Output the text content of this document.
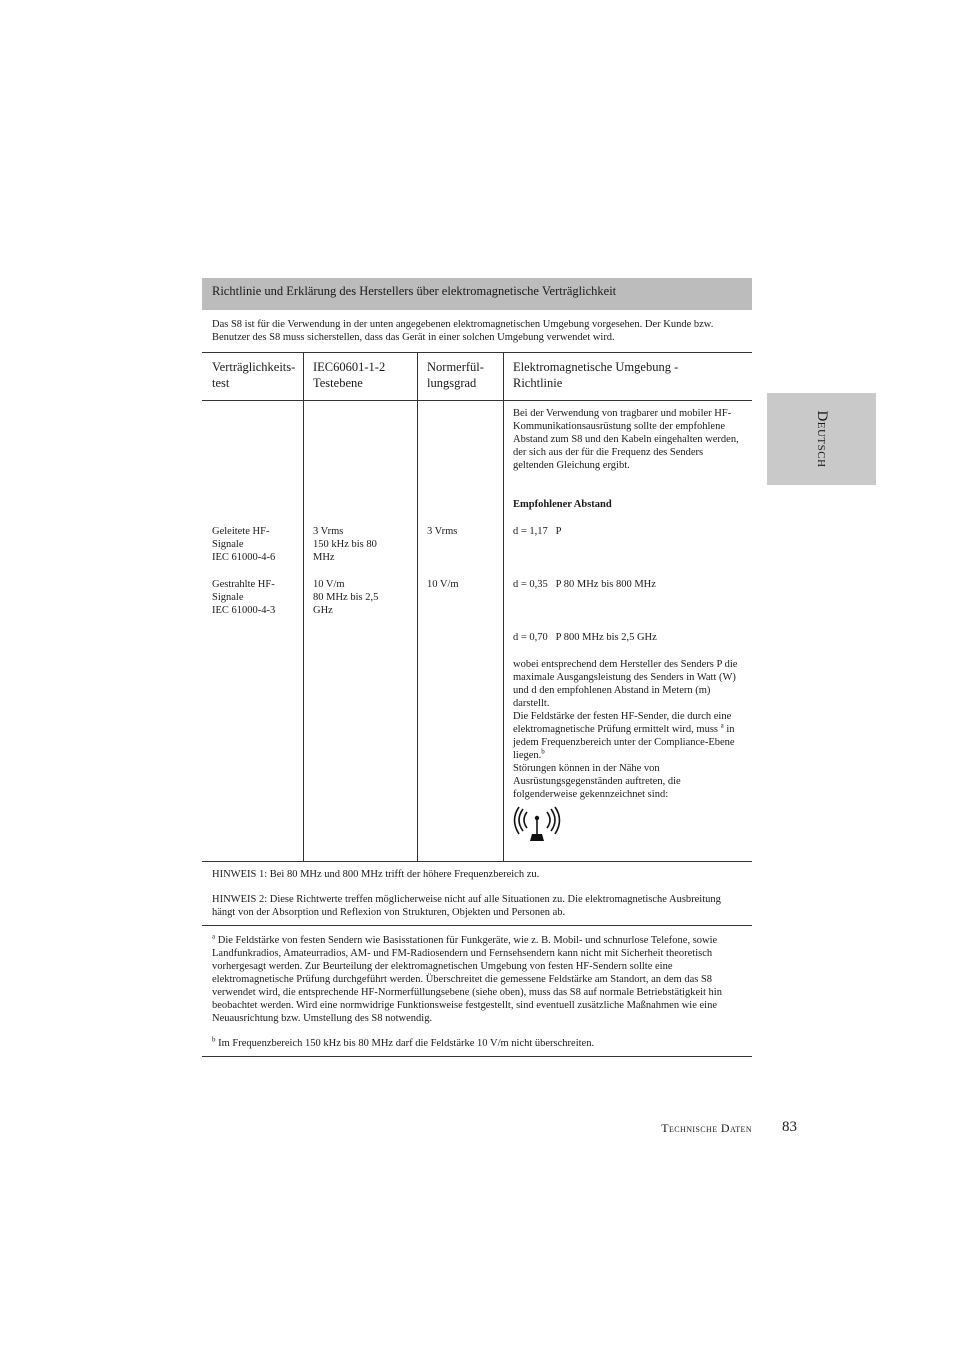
Richtlinie und Erklärung des Herstellers über elektromagnetische Verträglichkeit
Das S8 ist für die Verwendung in der unten angegebenen elektromagnetischen Umgebung vorgesehen. Der Kunde bzw. Benutzer des S8 muss sicherstellen, dass das Gerät in einer solchen Umgebung verwendet wird.
Verträglichkeits-
test
IEC60601-1-2
Testebene
Normerfül-
lungsgrad
Elektromagnetische Umgebung -
Richtlinie
Bei der Verwendung von tragbarer und mobiler HF-Kommunikationsausrüstung sollte der empfohlene Abstand zum S8 und den Kabeln eingehalten werden, der sich aus der für die Frequenz des Senders geltenden Gleichung ergibt.
Empfohlener Abstand
Geleitete HF-
Signale
IEC 61000-4-6
3 Vrms
150 kHz bis 80
MHz
3 Vrms	d = 1,17   P
Gestrahlte HF-
Signale
IEC 61000-4-3
10 V/m
80 MHz bis 2,5
GHz
10 V/m	d = 0,35   P 80 MHz bis 800 MHz
d = 0,70   P 800 MHz bis 2,5 GHz
wobei entsprechend dem Hersteller des Senders P die maximale Ausgangsleistung des Senders in Watt (W) und d den empfohlenen Abstand in Metern (m) darstellt.
Die Feldstärke der festen HF-Sender, die durch eine elektromagnetische Prüfung ermittelt wird, muss $^a$ in jedem Frequenzbereich unter der Compliance-Ebene liegen.$^b$
Störungen können in der Nähe von Ausrüstungsgegenständen auftreten, die folgenderweise gekennzeichnet sind:

HINWEIS 1: Bei 80 MHz und 800 MHz trifft der höhere Frequenzbereich zu.

HINWEIS 2: Diese Richtwerte treffen möglicherweise nicht auf alle Situationen zu. Die elektromagnetische Ausbreitung hängt von der Absorption und Reflexion von Strukturen, Objekten und Personen ab.

$^a$ Die Feldstärke von festen Sendern wie Basisstationen für Funkgeräte, wie z. B. Mobil- und schnurlose Telefone, sowie Landfunkradios, Amateurradios, AM- und FM-Radiosendern und Fernsehsendern kann nicht mit Sicherheit theoretisch vorhergesagt werden. Zur Beurteilung der elektromagnetischen Umgebung von festen HF-Sendern sollte eine elektromagnetische Prüfung durchgeführt werden. Überschreitet die gemessene Feldstärke am Standort, an dem das S8 verwendet wird, die entsprechende HF-Normerfüllungsebene (siehe oben), muss das S8 auf normale Betriebstätigkeit hin beobachtet werden. Wird eine normwidrige Funktionsweise festgestellt, sind eventuell zusätzliche Maßnahmen wie eine Neuausrichtung bzw. Umstellung des S8 notwendig.

$^b$ Im Frequenzbereich 150 kHz bis 80 MHz darf die Feldstärke 10 V/m nicht überschreiten.

Deutsch
Technische Daten 83
